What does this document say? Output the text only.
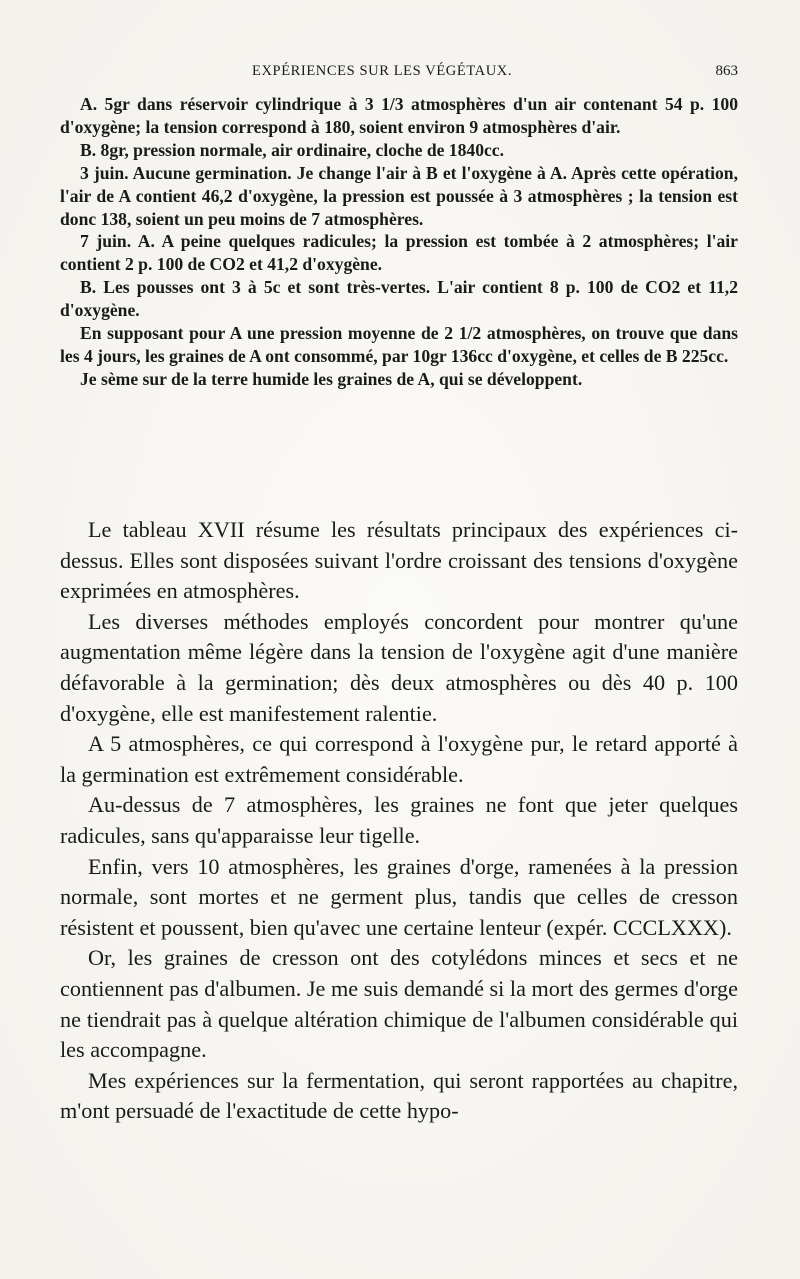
EXPÉRIENCES SUR LES VÉGÉTAUX.	863

A. 5gr dans réservoir cylindrique à 3 1/3 atmosphères d'un air contenant 54 p. 100 d'oxygène; la tension correspond à 180, soient environ 9 atmosphères d'air.

B. 8gr, pression normale, air ordinaire, cloche de 1840cc.

3 juin. Aucune germination. Je change l'air à B et l'oxygène à A. Après cette opération, l'air de A contient 46,2 d'oxygène, la pression est poussée à 3 atmosphères ; la tension est donc 138, soient un peu moins de 7 atmosphères.

7 juin. A. A peine quelques radicules; la pression est tombée à 2 atmosphères; l'air contient 2 p. 100 de CO2 et 41,2 d'oxygène.

B. Les pousses ont 3 à 5c et sont très-vertes. L'air contient 8 p. 100 de CO2 et 11,2 d'oxygène.

En supposant pour A une pression moyenne de 2 1/2 atmosphères, on trouve que dans les 4 jours, les graines de A ont consommé, par 10gr 136cc d'oxygène, et celles de B 225cc.

Je sème sur de la terre humide les graines de A, qui se développent.

Le tableau XVII résume les résultats principaux des expériences ci-dessus. Elles sont disposées suivant l'ordre croissant des tensions d'oxygène exprimées en atmosphères.

Les diverses méthodes employés concordent pour montrer qu'une augmentation même légère dans la tension de l'oxygène agit d'une manière défavorable à la germination; dès deux atmosphères ou dès 40 p. 100 d'oxygène, elle est manifestement ralentie.

A 5 atmosphères, ce qui correspond à l'oxygène pur, le retard apporté à la germination est extrêmement considérable.

Au-dessus de 7 atmosphères, les graines ne font que jeter quelques radicules, sans qu'apparaisse leur tigelle.

Enfin, vers 10 atmosphères, les graines d'orge, ramenées à la pression normale, sont mortes et ne germent plus, tandis que celles de cresson résistent et poussent, bien qu'avec une certaine lenteur (expér. CCCLXXX).

Or, les graines de cresson ont des cotylédons minces et secs et ne contiennent pas d'albumen. Je me suis demandé si la mort des germes d'orge ne tiendrait pas à quelque altération chimique de l'albumen considérable qui les accompagne.

Mes expériences sur la fermentation, qui seront rapportées au chapitre, m'ont persuadé de l'exactitude de cette hypo-
